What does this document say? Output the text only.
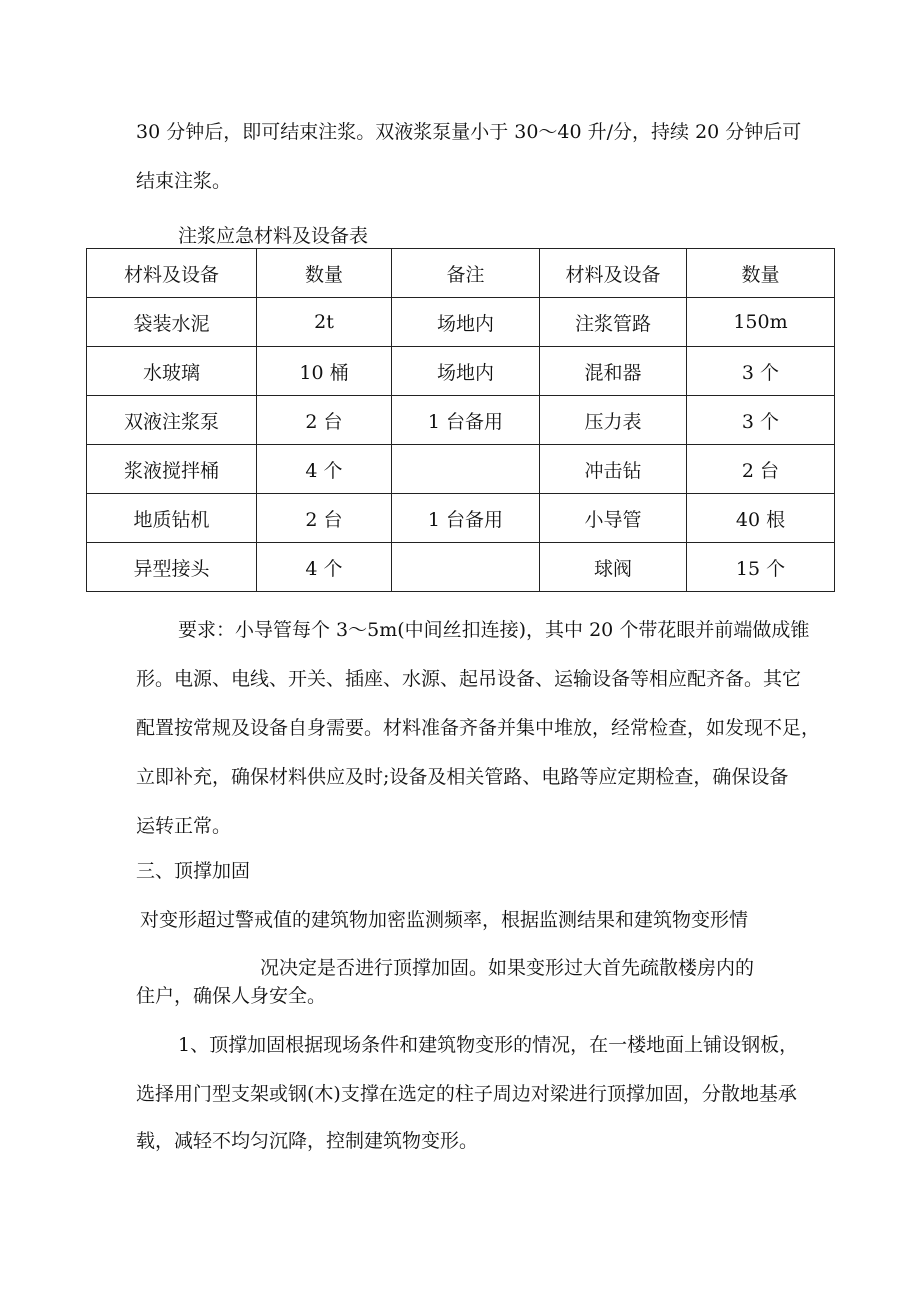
30 分钟后，即可结束注浆。双液浆泵量小于 30～40 升/分，持续 20 分钟后可
结束注浆。
注浆应急材料及设备表
材料及设备	数量	备注	材料及设备	数量
袋装水泥	2t	场地内	注浆管路	150m
水玻璃	10 桶	场地内	混和器	3 个
双液注浆泵	2 台	1 台备用	压力表	3 个
浆液搅拌桶	4 个		冲击钻	2 台
地质钻机	2 台	1 台备用	小导管	40 根
异型接头	4 个		球阀	15 个
要求：小导管每个 3～5m(中间丝扣连接)，其中 20 个带花眼并前端做成锥
形。电源、电线、开关、插座、水源、起吊设备、运输设备等相应配齐备。其它
配置按常规及设备自身需要。材料准备齐备并集中堆放，经常检查，如发现不足，
立即补充，确保材料供应及时;设备及相关管路、电路等应定期检查，确保设备
运转正常。
三、顶撑加固
对变形超过警戒值的建筑物加密监测频率，根据监测结果和建筑物变形情
况决定是否进行顶撑加固。如果变形过大首先疏散楼房内的
住户，确保人身安全。
1、顶撑加固根据现场条件和建筑物变形的情况，在一楼地面上铺设钢板，
选择用门型支架或钢(木)支撑在选定的柱子周边对梁进行顶撑加固，分散地基承
载，减轻不均匀沉降，控制建筑物变形。
